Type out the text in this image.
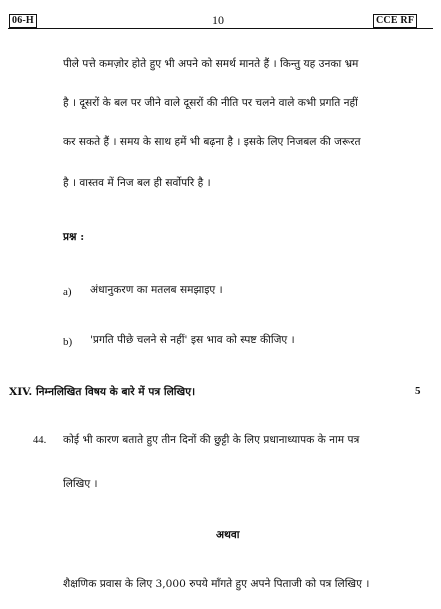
06-H	10	CCE RF
पीले पत्ते कमज़ोर होते हुए भी अपने को समर्थ मानते हैं । किन्तु यह उनका भ्रम
है । दूसरों के बल पर जीने वाले दूसरों की नीति पर चलने वाले कभी प्रगति नहीं
कर सकते हैं । समय के साथ हमें भी बढ़ना है । इसके लिए निजबल की जरूरत
है । वास्तव में निज बल ही सर्वोपरि है ।
प्रश्न :
a) अंधानुकरण का मतलब समझाइए ।
b) 'प्रगति पीछे चलने से नहीं' इस भाव को स्पष्ट कीजिए ।
XIV. निम्नलिखित विषय के बारे में पत्र लिखिए।	5
44. कोई भी कारण बताते हुए तीन दिनों की छुट्टी के लिए प्रधानाध्यापक के नाम पत्र
लिखिए ।
अथवा
शैक्षणिक प्रवास के लिए 3,000 रुपये माँगते हुए अपने पिताजी को पत्र लिखिए ।
